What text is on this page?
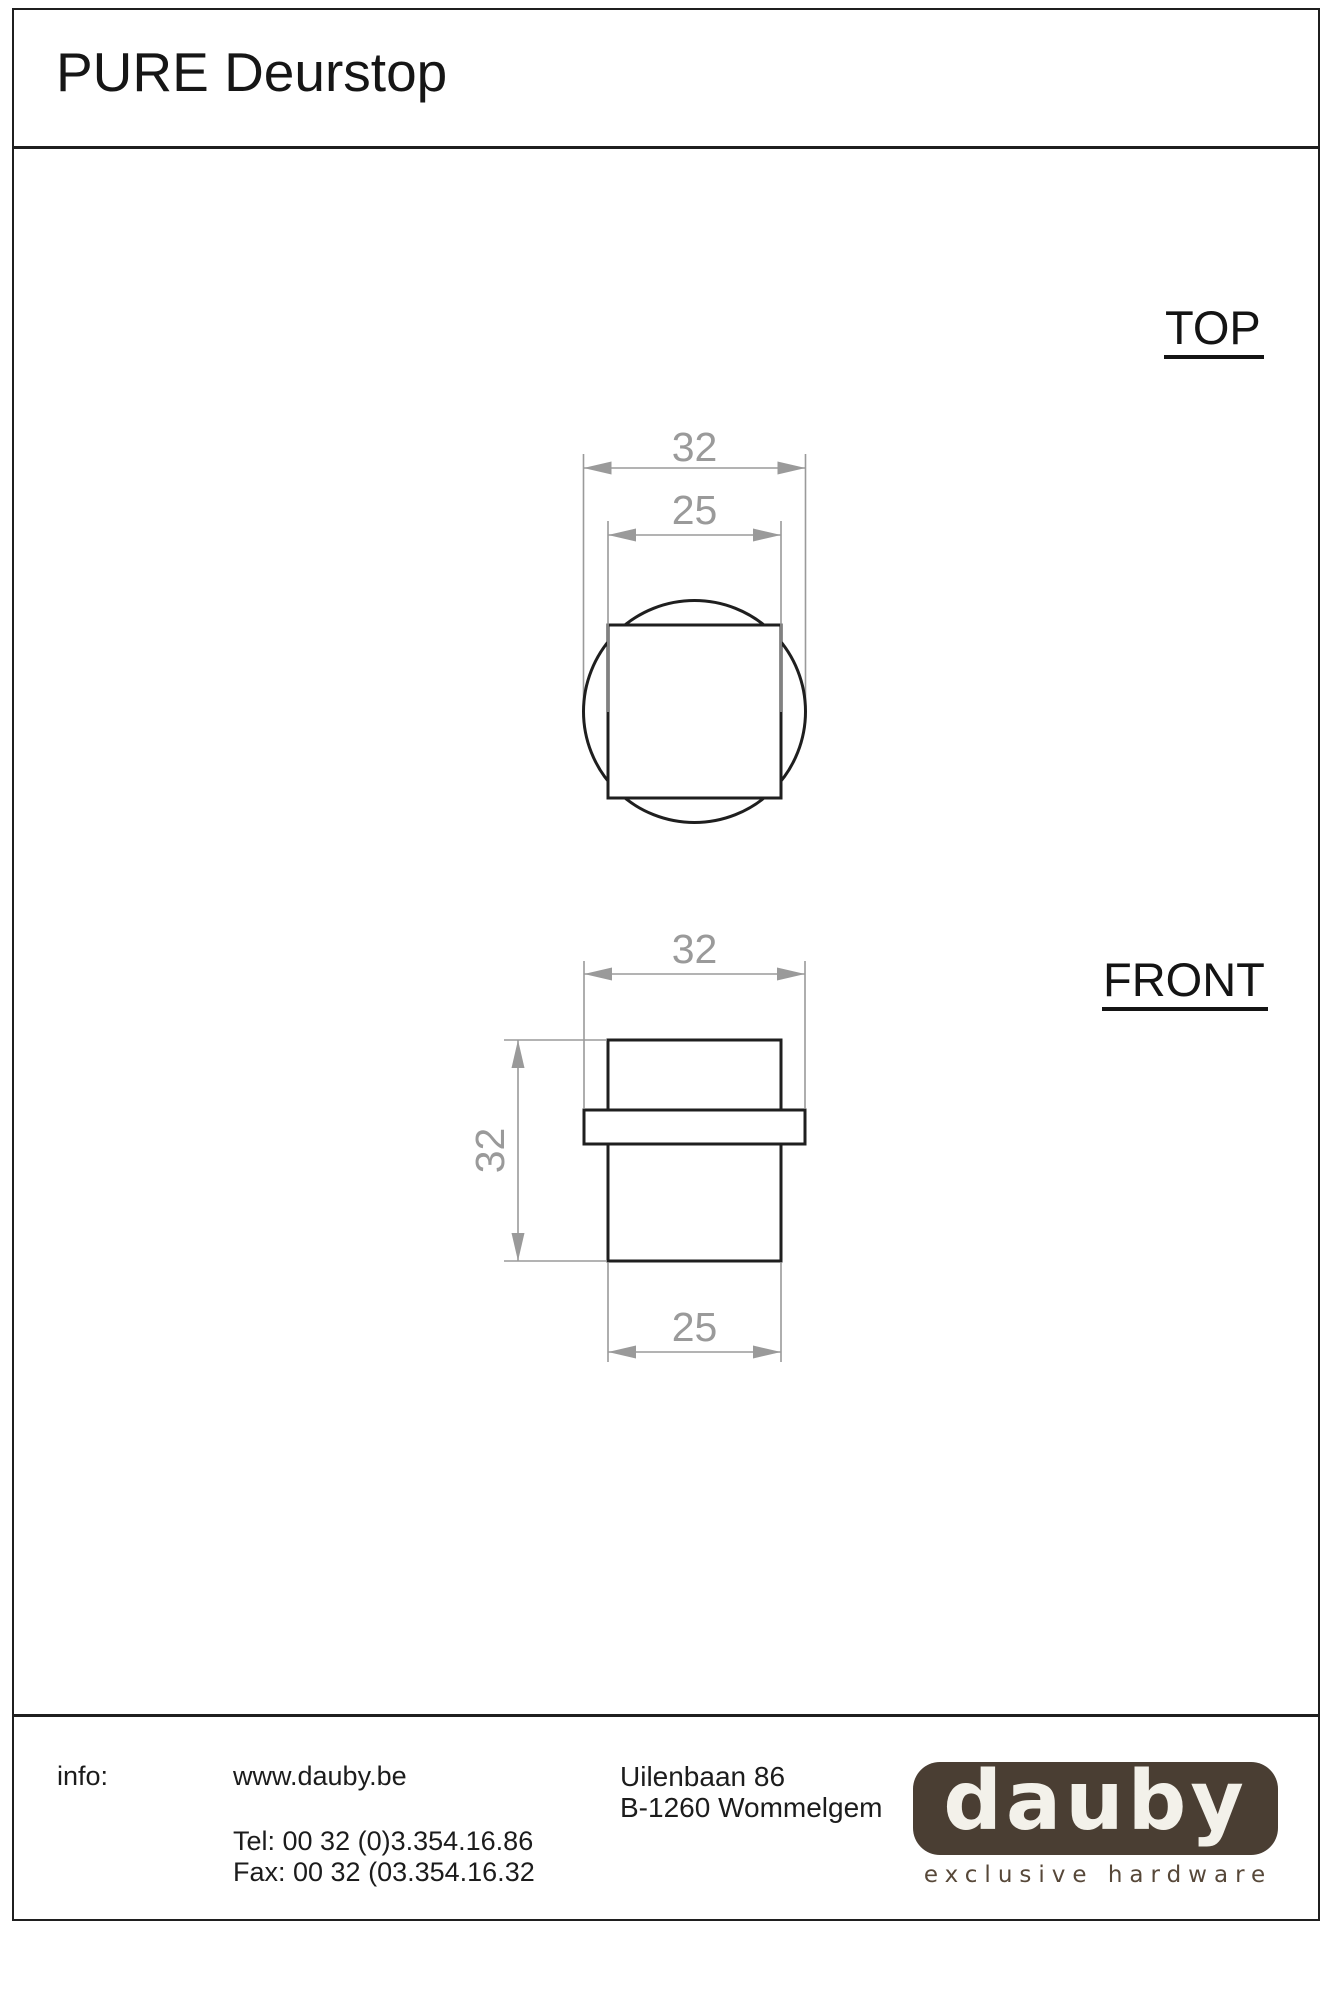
PURE Deurstop
TOP
FRONT
32
25
32
32
25
info:	www.dauby.be
Tel: 00 32 (0)3.354.16.86
Fax: 00 32 (03.354.16.32
Uilenbaan 86
B-1260 Wommelgem dauby
exclusive hardware
